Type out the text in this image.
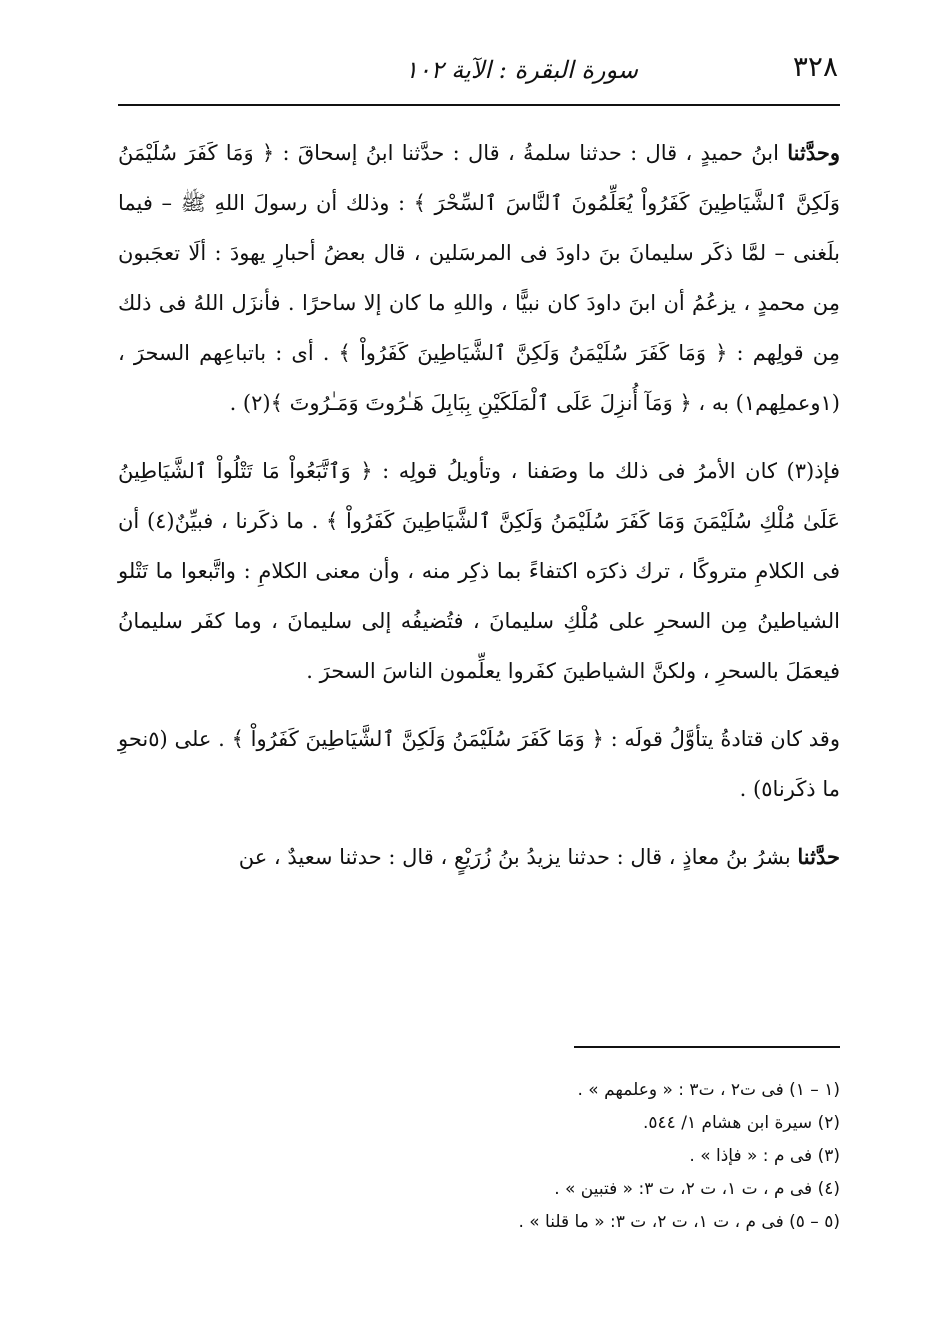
٣٢٨
سورة البقرة : الآية ١٠٢

وحدَّثنا ابنُ حميدٍ ، قال : حدثنا سلمةُ ، قال : حدَّثنا ابنُ إسحاقَ : ﴿ وَمَا كَفَرَ سُلَيْمَنُ وَلَكِنَّ ٱلشَّيَاطِينَ كَفَرُواْ يُعَلِّمُونَ ٱلنَّاسَ ٱلسِّحْرَ ﴾ : وذلك أن رسولَ اللهِ ﷺ – فيما بلَغنى – لمَّا ذكَر سليمانَ بنَ داودَ فى المرسَلين ، قال بعضُ أحبارِ يهودَ : ألَا تعجَبون مِن محمدٍ ، يزعُمُ أن ابنَ داودَ كان نبيًّا ، واللهِ ما كان إلا ساحرًا . فأنزَل اللهُ فى ذلك مِن قولِهم : ﴿ وَمَا كَفَرَ سُلَيْمَنُ وَلَكِنَّ ٱلشَّيَاطِينَ كَفَرُواْ ﴾ . أى : باتباعِهم السحرَ ، (١وعملِهم١) به ، ﴿ وَمَآ أُنزِلَ عَلَى ٱلْمَلَكَيْنِ بِبَابِلَ هَـٰرُوتَ وَمَـٰرُوتَ ﴾(٢) .

فإذ(٣) كان الأمرُ فى ذلك ما وصَفنا ، وتأويلُ قولِه : ﴿ وَٱتَّبَعُواْ مَا تَتْلُواْ ٱلشَّيَاطِينُ عَلَىٰ مُلْكِ سُلَيْمَنَ وَمَا كَفَرَ سُلَيْمَنُ وَلَكِنَّ ٱلشَّيَاطِينَ كَفَرُواْ ﴾ . ما ذكَرنا ، فبيِّنٌ(٤) أن فى الكلامِ متروكًا ، ترك ذكرَه اكتفاءً بما ذكِر منه ، وأن معنى الكلامِ : واتَّبعوا ما تَتْلو الشياطينُ مِن السحرِ على مُلْكِ سليمانَ ، فتُضيفُه إلى سليمانَ ، وما كفَر سليمانُ فيعمَلَ بالسحرِ ، ولكنَّ الشياطينَ كفَروا يعلِّمون الناسَ السحرَ .

وقد كان قتادةُ يتأوَّلُ قولَه : ﴿ وَمَا كَفَرَ سُلَيْمَنُ وَلَكِنَّ ٱلشَّيَاطِينَ كَفَرُواْ ﴾ . على (٥نحوِ ما ذكَرنا٥) .

حدَّثنا بشرُ بنُ معاذٍ ، قال : حدثنا يزيدُ بنُ زُرَيْعٍ ، قال : حدثنا سعيدٌ ، عن

(١ – ١) فى ت٢ ، ت٣ : « وعلمهم » .

(٢) سيرة ابن هشام ١/ ٥٤٤.

(٣) فى م : « فإذا » .

(٤) فى م ، ت ١، ت ٢، ت ٣: « فتبين » .

(٥ – ٥) فى م ، ت ١، ت ٢، ت ٣: « ما قلنا » .
